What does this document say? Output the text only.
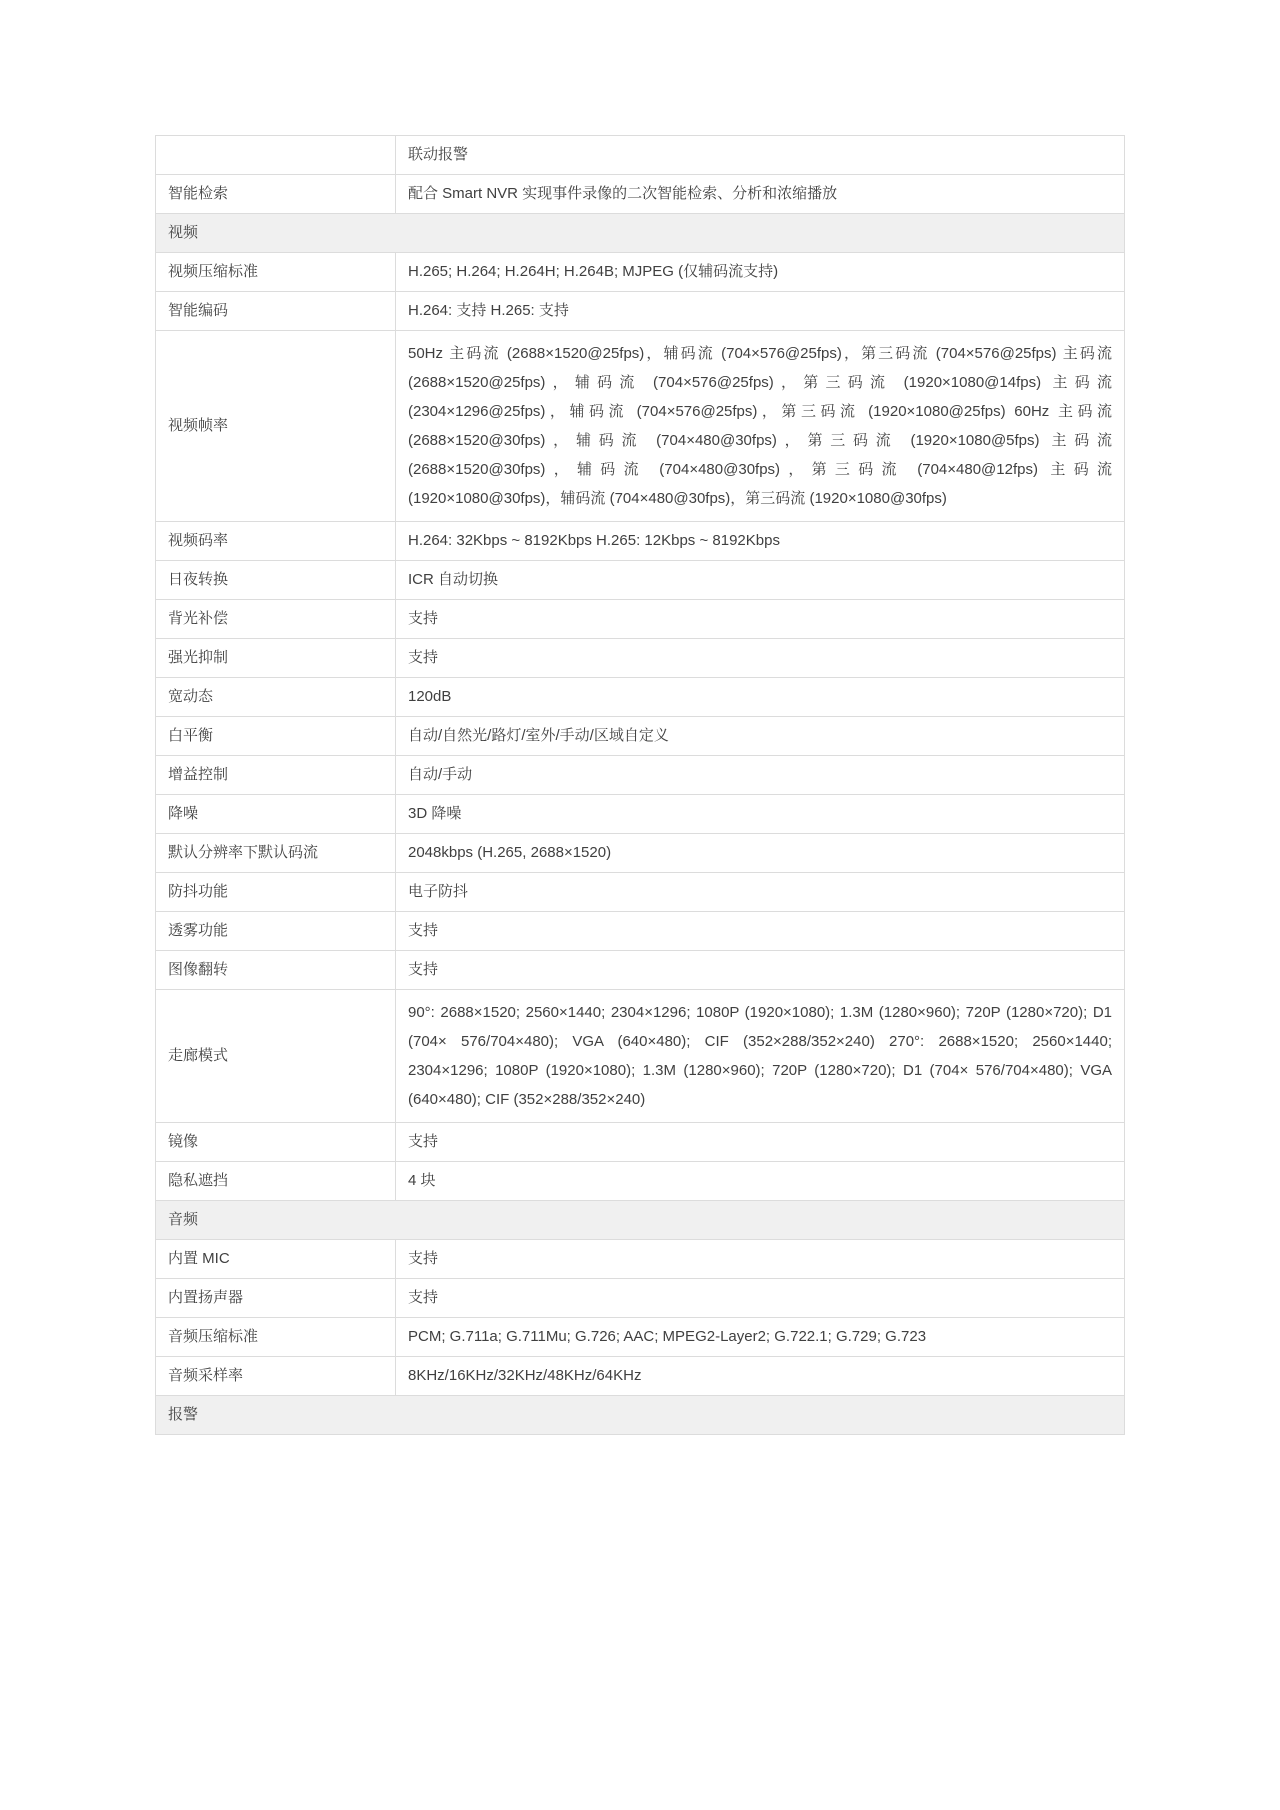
	联动报警
智能检索	配合 Smart NVR 实现事件录像的二次智能检索、分析和浓缩播放
视频	
视频压缩标准	H.265; H.264; H.264H; H.264B; MJPEG (仅辅码流支持)
智能编码	H.264: 支持 H.265: 支持
视频帧率	50Hz 主码流 (2688×1520@25fps)，辅码流 (704×576@25fps)，第三码流 (704×576@25fps) 主码流 (2688×1520@25fps)，辅码流 (704×576@25fps)，第三码流 (1920×1080@14fps) 主码流 (2304×1296@25fps)，辅码流 (704×576@25fps)，第三码流 (1920×1080@25fps) 60Hz 主码流 (2688×1520@30fps)，辅码流 (704×480@30fps)，第三码流 (1920×1080@5fps) 主码流 (2688×1520@30fps)，辅码流 (704×480@30fps)，第三码流 (704×480@12fps) 主码流 (1920×1080@30fps)，辅码流 (704×480@30fps)，第三码流 (1920×1080@30fps)
视频码率	H.264: 32Kbps ~ 8192Kbps H.265: 12Kbps ~ 8192Kbps
日夜转换	ICR 自动切换
背光补偿	支持
强光抑制	支持
宽动态	120dB
白平衡	自动/自然光/路灯/室外/手动/区域自定义
增益控制	自动/手动
降噪	3D 降噪
默认分辨率下默认码流	2048kbps (H.265, 2688×1520)
防抖功能	电子防抖
透雾功能	支持
图像翻转	支持
走廊模式	90°: 2688×1520; 2560×1440; 2304×1296; 1080P (1920×1080); 1.3M (1280×960); 720P (1280×720); D1 (704× 576/704×480); VGA (640×480); CIF (352×288/352×240) 270°: 2688×1520; 2560×1440; 2304×1296; 1080P (1920×1080); 1.3M (1280×960); 720P (1280×720); D1 (704× 576/704×480); VGA (640×480); CIF (352×288/352×240)
镜像	支持
隐私遮挡	4 块
音频	
内置 MIC	支持
内置扬声器	支持
音频压缩标准	PCM; G.711a; G.711Mu; G.726; AAC; MPEG2-Layer2; G.722.1; G.729; G.723
音频采样率	8KHz/16KHz/32KHz/48KHz/64KHz
报警	
